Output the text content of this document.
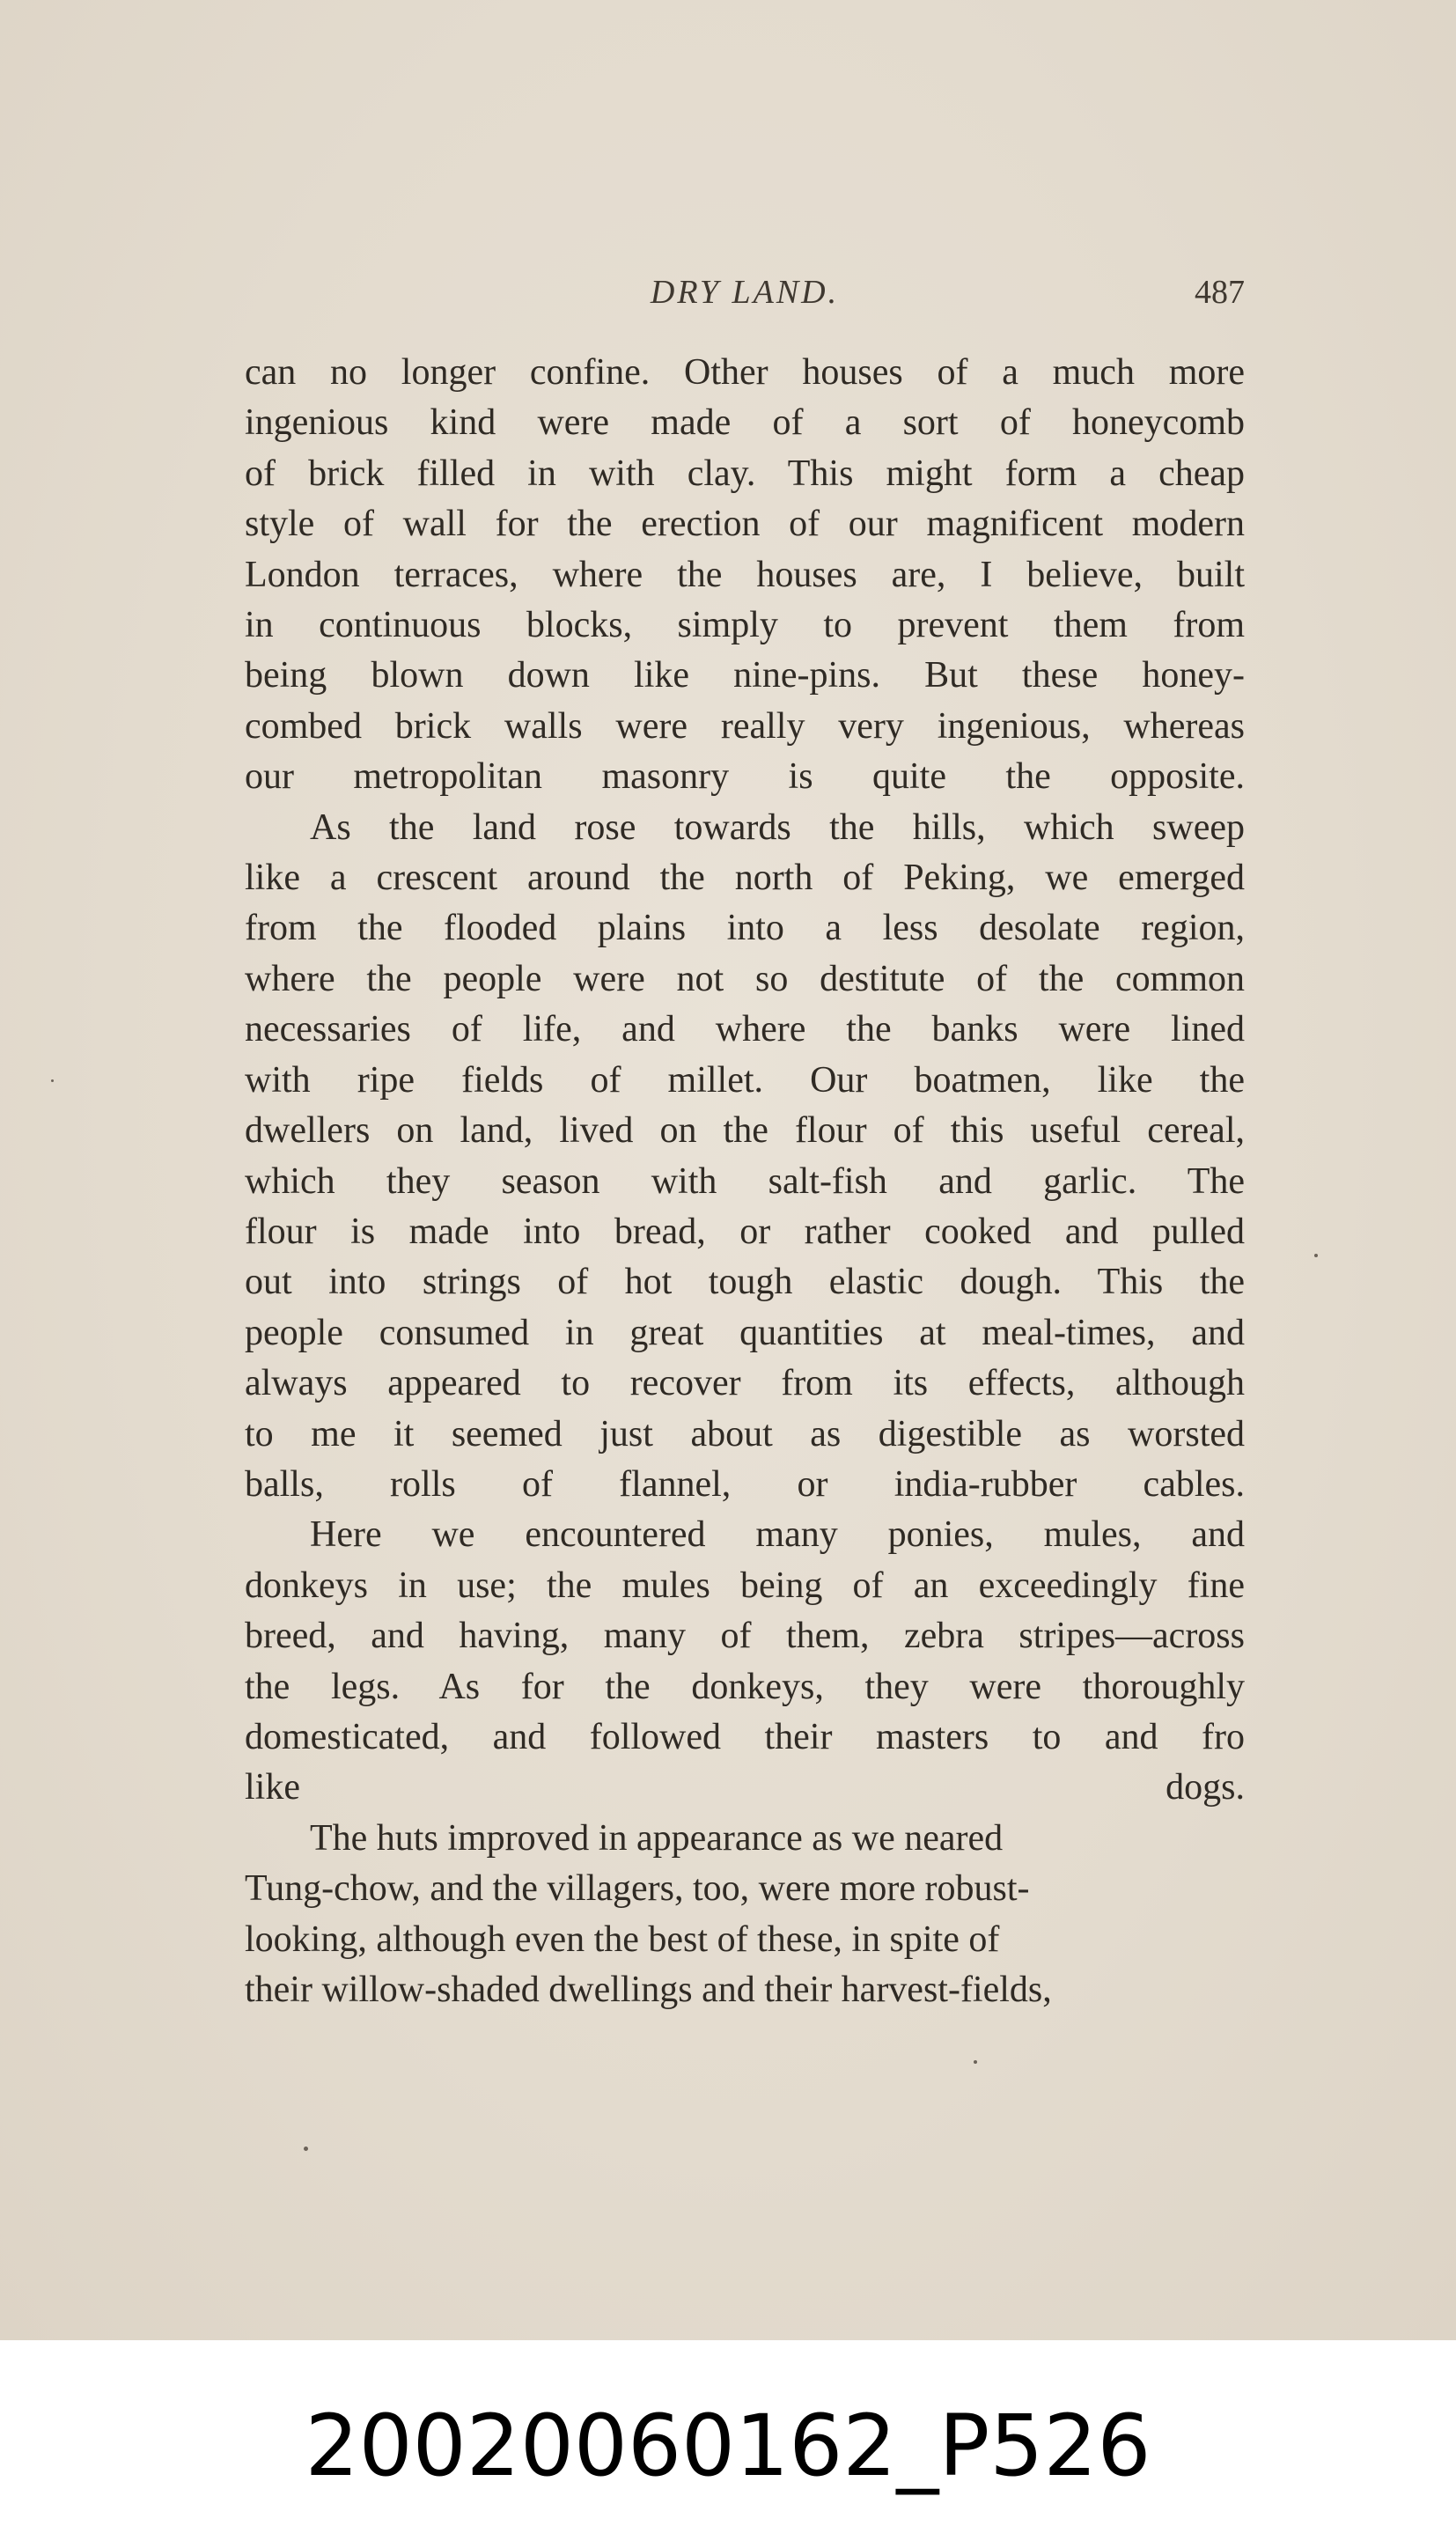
DRY LAND.	487

can no longer confine. Other houses of a much more
ingenious kind were made of a sort of honeycomb
of brick filled in with clay. This might form a cheap
style of wall for the erection of our magnificent modern
London terraces, where the houses are, I believe, built
in continuous blocks, simply to prevent them from
being blown down like nine-pins. But these honey-
combed brick walls were really very ingenious, whereas
our metropolitan masonry is quite the opposite.

As the land rose towards the hills, which sweep
like a crescent around the north of Peking, we emerged
from the flooded plains into a less desolate region,
where the people were not so destitute of the common
necessaries of life, and where the banks were lined
with ripe fields of millet. Our boatmen, like the
dwellers on land, lived on the flour of this useful cereal,
which they season with salt-fish and garlic. The
flour is made into bread, or rather cooked and pulled
out into strings of hot tough elastic dough. This the
people consumed in great quantities at meal-times, and
always appeared to recover from its effects, although
to me it seemed just about as digestible as worsted
balls, rolls of flannel, or india-rubber cables.

Here we encountered many ponies, mules, and
donkeys in use; the mules being of an exceedingly fine
breed, and having, many of them, zebra stripes—across
the legs. As for the donkeys, they were thoroughly
domesticated, and followed their masters to and fro
like dogs.

The huts improved in appearance as we neared
Tung-chow, and the villagers, too, were more robust-
looking, although even the best of these, in spite of
their willow-shaded dwellings and their harvest-fields,

20020060162_P526
